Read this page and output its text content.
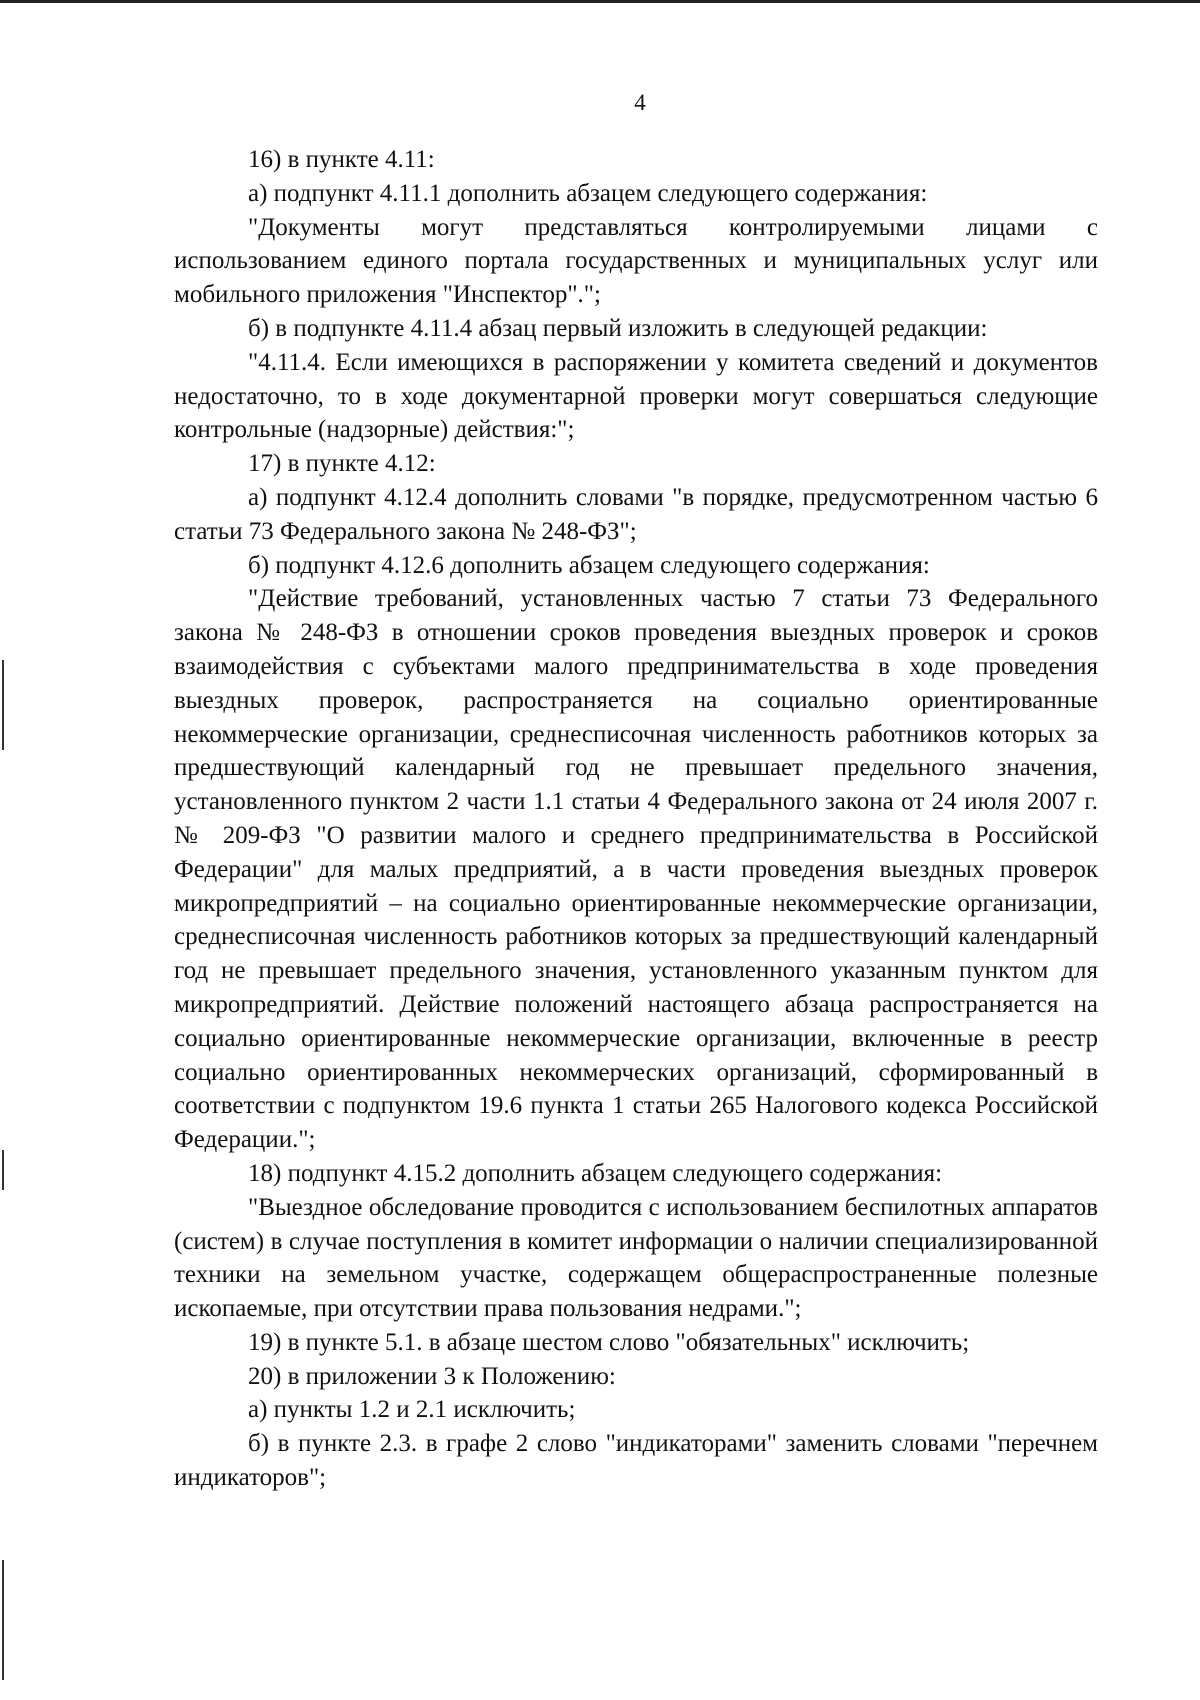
4

16) в пункте 4.11:

а) подпункт 4.11.1 дополнить абзацем следующего содержания:

"Документы могут представляться контролируемыми лицами с использованием единого портала государственных и муниципальных услуг или мобильного приложения "Инспектор".";

б) в подпункте 4.11.4 абзац первый изложить в следующей редакции:

"4.11.4. Если имеющихся в распоряжении у комитета сведений и документов недостаточно, то в ходе документарной проверки могут совершаться следующие контрольные (надзорные) действия:";

17) в пункте 4.12:

а) подпункт 4.12.4 дополнить словами "в порядке, предусмотренном частью 6 статьи 73 Федерального закона № 248-ФЗ";

б) подпункт 4.12.6 дополнить абзацем следующего содержания:

"Действие требований, установленных частью 7 статьи 73 Федерального закона № 248-ФЗ в отношении сроков проведения выездных проверок и сроков взаимодействия с субъектами малого предпринимательства в ходе проведения выездных проверок, распространяется на социально ориентированные некоммерческие организации, среднесписочная численность работников которых за предшествующий календарный год не превышает предельного значения, установленного пунктом 2 части 1.1 статьи 4 Федерального закона от 24 июля 2007 г. № 209-ФЗ "О развитии малого и среднего предпринимательства в Российской Федерации" для малых предприятий, а в части проведения выездных проверок микропредприятий – на социально ориентированные некоммерческие организации, среднесписочная численность работников которых за предшествующий календарный год не превышает предельного значения, установленного указанным пунктом для микропредприятий. Действие положений настоящего абзаца распространяется на социально ориентированные некоммерческие организации, включенные в реестр социально ориентированных некоммерческих организаций, сформированный в соответствии с подпунктом 19.6 пункта 1 статьи 265 Налогового кодекса Российской Федерации.";

18) подпункт 4.15.2 дополнить абзацем следующего содержания:

"Выездное обследование проводится с использованием беспилотных аппаратов (систем) в случае поступления в комитет информации о наличии специализированной техники на земельном участке, содержащем общераспространенные полезные ископаемые, при отсутствии права пользования недрами.";

19) в пункте 5.1. в абзаце шестом слово "обязательных" исключить;

20) в приложении 3 к Положению:

а) пункты 1.2 и 2.1 исключить;

б) в пункте 2.3. в графе 2 слово "индикаторами" заменить словами "перечнем индикаторов";
